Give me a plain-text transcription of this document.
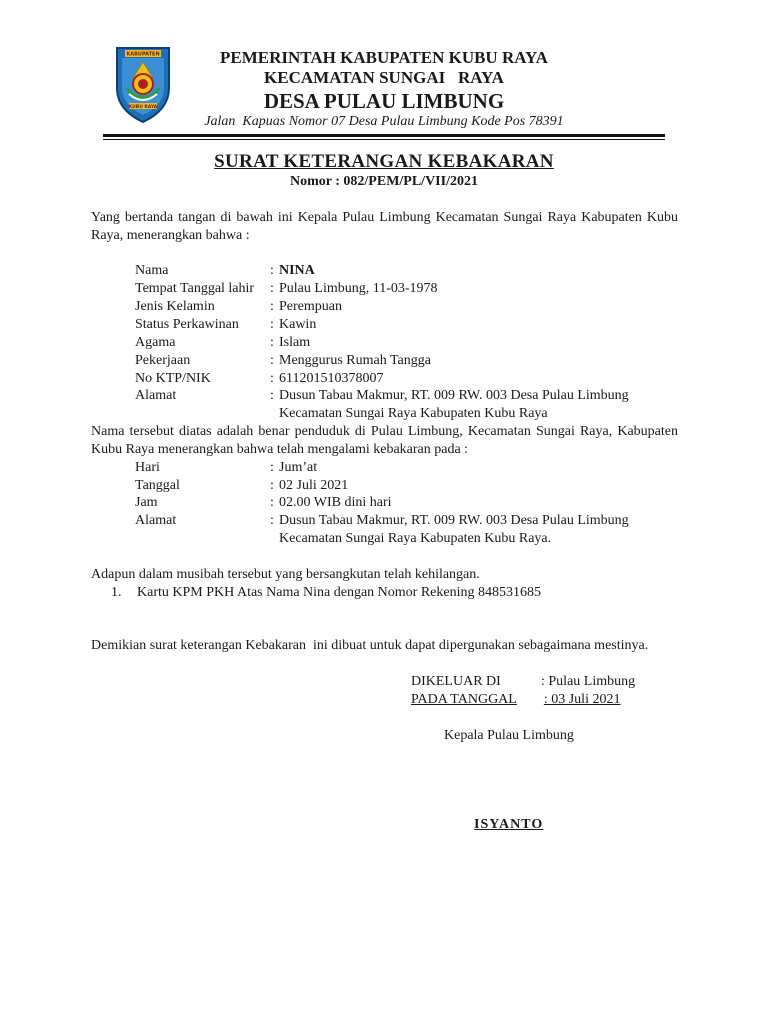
KABUPATEN
KUBU RAYA
PEMERINTAH KABUPATEN KUBU RAYA
KECAMATAN SUNGAI   RAYA
DESA PULAU LIMBUNG
Jalan  Kapuas Nomor 07 Desa Pulau Limbung Kode Pos 78391
SURAT KETERANGAN KEBAKARAN
Nomor : 082/PEM/PL/VII/2021
Yang bertanda tangan di bawah ini Kepala Pulau Limbung Kecamatan Sungai Raya Kabupaten Kubu Raya, menerangkan bahwa :
Nama	: NINA
Tempat Tanggal lahir : Pulau Limbung, 11-03-1978
Jenis Kelamin	: Perempuan
Status Perkawinan : Kawin
Agama	: Islam
Pekerjaan	: Menggurus Rumah Tangga
No KTP/NIK	: 611201510378007
Alamat	: Dusun Tabau Makmur, RT. 009 RW. 003 Desa Pulau Limbung
Kecamatan Sungai Raya Kabupaten Kubu Raya
Nama tersebut diatas adalah benar penduduk di Pulau Limbung, Kecamatan Sungai Raya, Kabupaten Kubu Raya menerangkan bahwa telah mengalami kebakaran pada :
Hari	: Jum’at
Tanggal	: 02 Juli 2021
Jam	: 02.00 WIB dini hari
Alamat	: Dusun Tabau Makmur, RT. 009 RW. 003 Desa Pulau Limbung
Kecamatan Sungai Raya Kabupaten Kubu Raya.
Adapun dalam musibah tersebut yang bersangkutan telah kehilangan.
1. Kartu KPM PKH Atas Nama Nina dengan Nomor Rekening 848531685
Demikian surat keterangan Kebakaran  ini dibuat untuk dapat dipergunakan sebagaimana mestinya.
DIKELUAR DI	: Pulau Limbung
PADA TANGGAL : 03 Juli 2021
Kepala Pulau Limbung
ISYANTO
